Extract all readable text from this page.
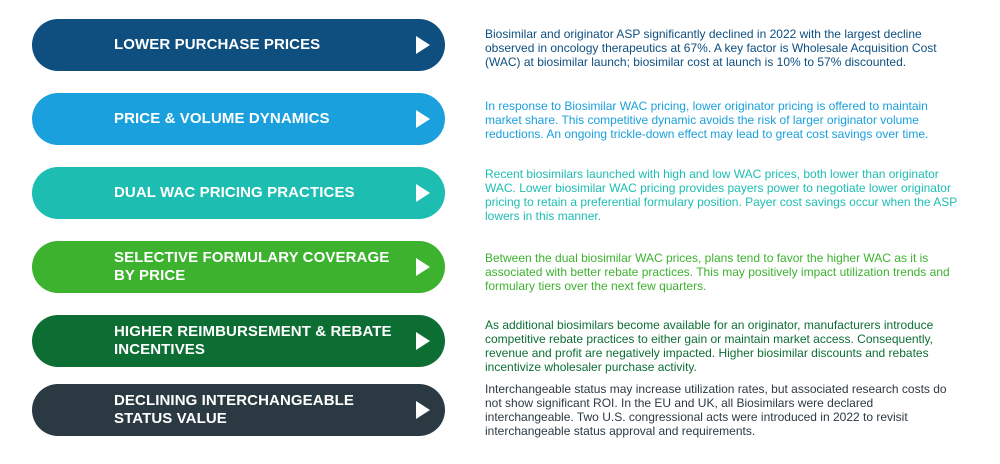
LOWER PURCHASE PRICES
Biosimilar and originator ASP significantly declined in 2022 with the largest decline observed in oncology therapeutics at 67%. A key factor is Wholesale Acquisition Cost (WAC) at biosimilar launch; biosimilar cost at launch is 10% to 57% discounted.
PRICE & VOLUME DYNAMICS
In response to Biosimilar WAC pricing, lower originator pricing is offered to maintain market share. This competitive dynamic avoids the risk of larger originator volume reductions. An ongoing trickle-down effect may lead to great cost savings over time.
DUAL WAC PRICING PRACTICES
Recent biosimilars launched with high and low WAC prices, both lower than originator WAC. Lower biosimilar WAC pricing provides payers power to negotiate lower originator pricing to retain a preferential formulary position. Payer cost savings occur when the ASP lowers in this manner.
SELECTIVE FORMULARY COVERAGE BY PRICE
Between the dual biosimilar WAC prices, plans tend to favor the higher WAC as it is associated with better rebate practices. This may positively impact utilization trends and formulary tiers over the next few quarters.
HIGHER REIMBURSEMENT & REBATE INCENTIVES
As additional biosimilars become available for an originator, manufacturers introduce competitive rebate practices to either gain or maintain market access. Consequently, revenue and profit are negatively impacted. Higher biosimilar discounts and rebates incentivize wholesaler purchase activity.
DECLINING INTERCHANGEABLE STATUS VALUE
Interchangeable status may increase utilization rates, but associated research costs do not show significant ROI. In the EU and UK, all Biosimilars were declared interchangeable. Two U.S. congressional acts were introduced in 2022 to revisit interchangeable status approval and requirements.
